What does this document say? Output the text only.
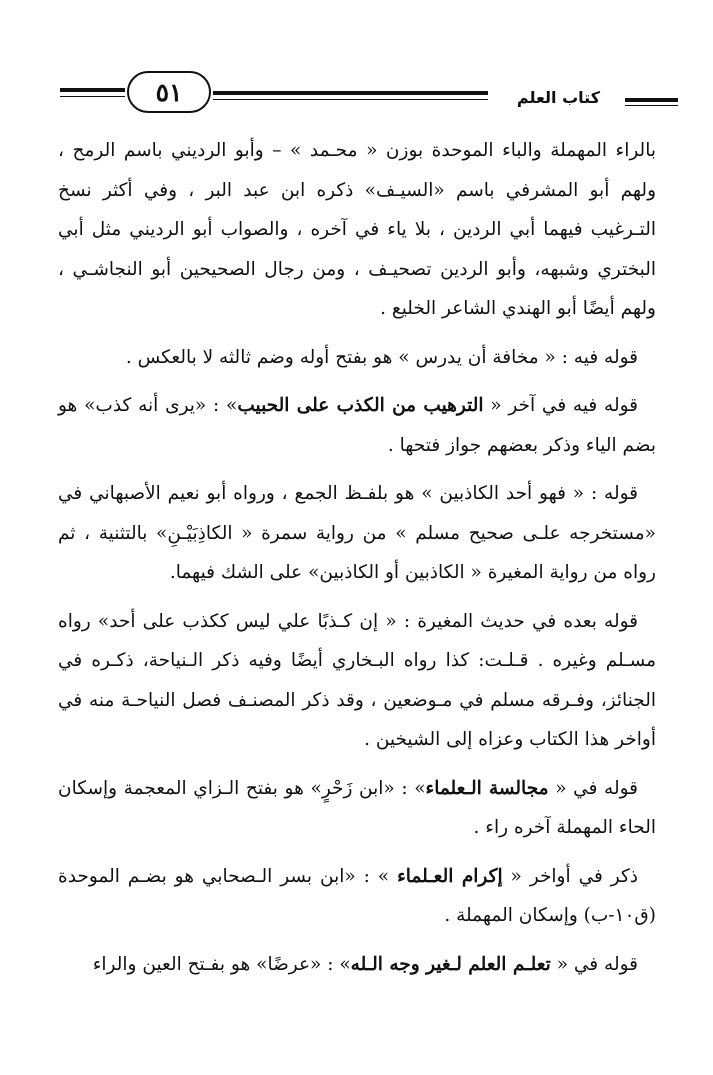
٥١	كتاب العلم

بالراء المهملة والباء الموحدة بوزن « محـمد » – وأبو الرديني باسم الرمح ، ولهم أبو المشرفي باسم «السيـف» ذكره ابن عبد البر ، وفي أكثر نسخ التـرغيب فيهما أبي الردين ، بلا ياء في آخره ، والصواب أبو الرديني مثل أبي البختري وشبهه، وأبو الردين تصحيـف ، ومن رجال الصحيحين أبو النجاشـي ، ولهم أيضًا أبو الهندي الشاعر الخليع .

قوله فيه : « مخافة أن يدرس » هو بفتح أوله وضم ثالثه لا بالعكس .

قوله فيه في آخر « الترهيب من الكذب على الحبيب» : «يرى أنه كذب» هو بضم الياء وذكر بعضهم جواز فتحها .

قوله : « فهو أحد الكاذبين » هو بلفـظ الجمع ، ورواه أبو نعيم الأصبهاني في «مستخرجه علـى صحيح مسلم » من رواية سمرة « الكاذِبَيْـنِ» بالتثنية ، ثم رواه من رواية المغيرة « الكاذبين أو الكاذبين» على الشك فيهما.

قوله بعده في حديث المغيرة : « إن كـذبًا علي ليس ككذب على أحد» رواه مسـلم وغيره . قـلـت: كذا رواه البـخاري أيضًا وفيه ذكر الـنياحة، ذكـره في الجنائز، وفـرقه مسلم في مـوضعين ، وقد ذكر المصنـف فصل النياحـة منه في أواخر هذا الكتاب وعزاه إلى الشيخين .

قوله في « مجالسة الـعلماء» : «ابن زَحْرٍ» هو بفتح الـزاي المعجمة وإسكان الحاء المهملة آخره راء .

ذكر في أواخر « إكرام العـلماء » : «ابن بسر الـصحابي هو بضـم الموحدة (ق١٠-ب) وإسكان المهملة .

قوله في « تعلـم العلم لـغير وجه الـله» : «عرضًا» هو بفـتح العين والراء
